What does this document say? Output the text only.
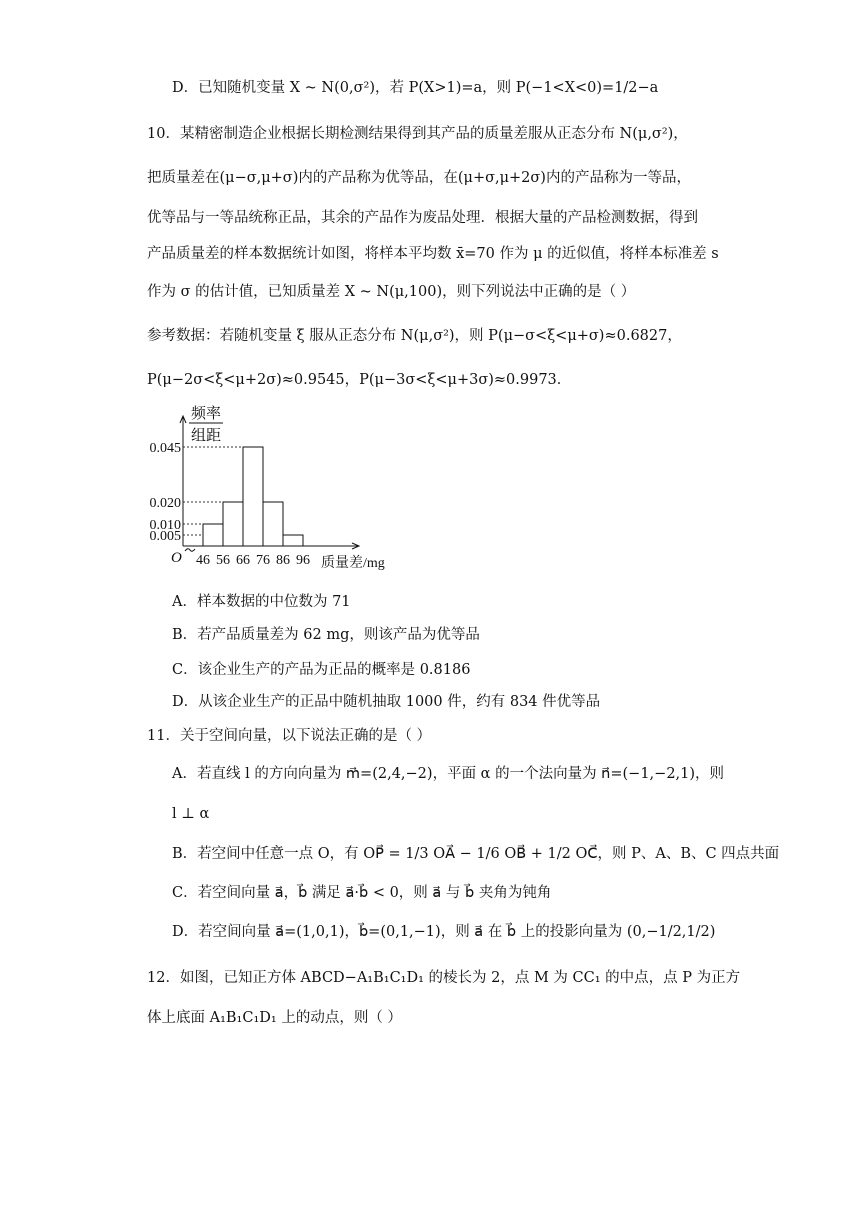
D．已知随机变量 X ~ N(0,σ²)，若 P(X>1)=a，则 P(−1<X<0)=1/2−a
10．某精密制造企业根据长期检测结果得到其产品的质量差服从正态分布 N(μ,σ²)，
把质量差在(μ−σ,μ+σ)内的产品称为优等品，在(μ+σ,μ+2σ)内的产品称为一等品，
优等品与一等品统称正品，其余的产品作为废品处理．根据大量的产品检测数据，得到
产品质量差的样本数据统计如图，将样本平均数 x̄=70 作为 μ 的近似值，将样本标准差 s
作为 σ 的估计值，已知质量差 X ~ N(μ,100)，则下列说法中正确的是（ ）
参考数据：若随机变量 ξ 服从正态分布 N(μ,σ²)，则 P(μ−σ<ξ<μ+σ)≈0.6827，
P(μ−2σ<ξ<μ+2σ)≈0.9545，P(μ−3σ<ξ<μ+3σ)≈0.9973．
0.005
0.010
0.020
0.045
46 56 66 76 86 96
O	质量差/mg
频率
组距
A．样本数据的中位数为 71
B．若产品质量差为 62 mg，则该产品为优等品
C．该企业生产的产品为正品的概率是 0.8186
D．从该企业生产的正品中随机抽取 1000 件，约有 834 件优等品
11．关于空间向量，以下说法正确的是（ ）
A．若直线 l 的方向向量为 m⃗=(2,4,−2)，平面 α 的一个法向量为 n⃗=(−1,−2,1)，则
l ⊥ α
B．若空间中任意一点 O，有 OP⃗ = 1/3 OA⃗ − 1/6 OB⃗ + 1/2 OC⃗，则 P、A、B、C 四点共面
C．若空间向量 a⃗，b⃗ 满足 a⃗·b⃗ < 0，则 a⃗ 与 b⃗ 夹角为钝角
D．若空间向量 a⃗=(1,0,1)，b⃗=(0,1,−1)，则 a⃗ 在 b⃗ 上的投影向量为 (0,−1/2,1/2)
12．如图，已知正方体 ABCD−A₁B₁C₁D₁ 的棱长为 2，点 M 为 CC₁ 的中点，点 P 为正方
体上底面 A₁B₁C₁D₁ 上的动点，则（ ）
